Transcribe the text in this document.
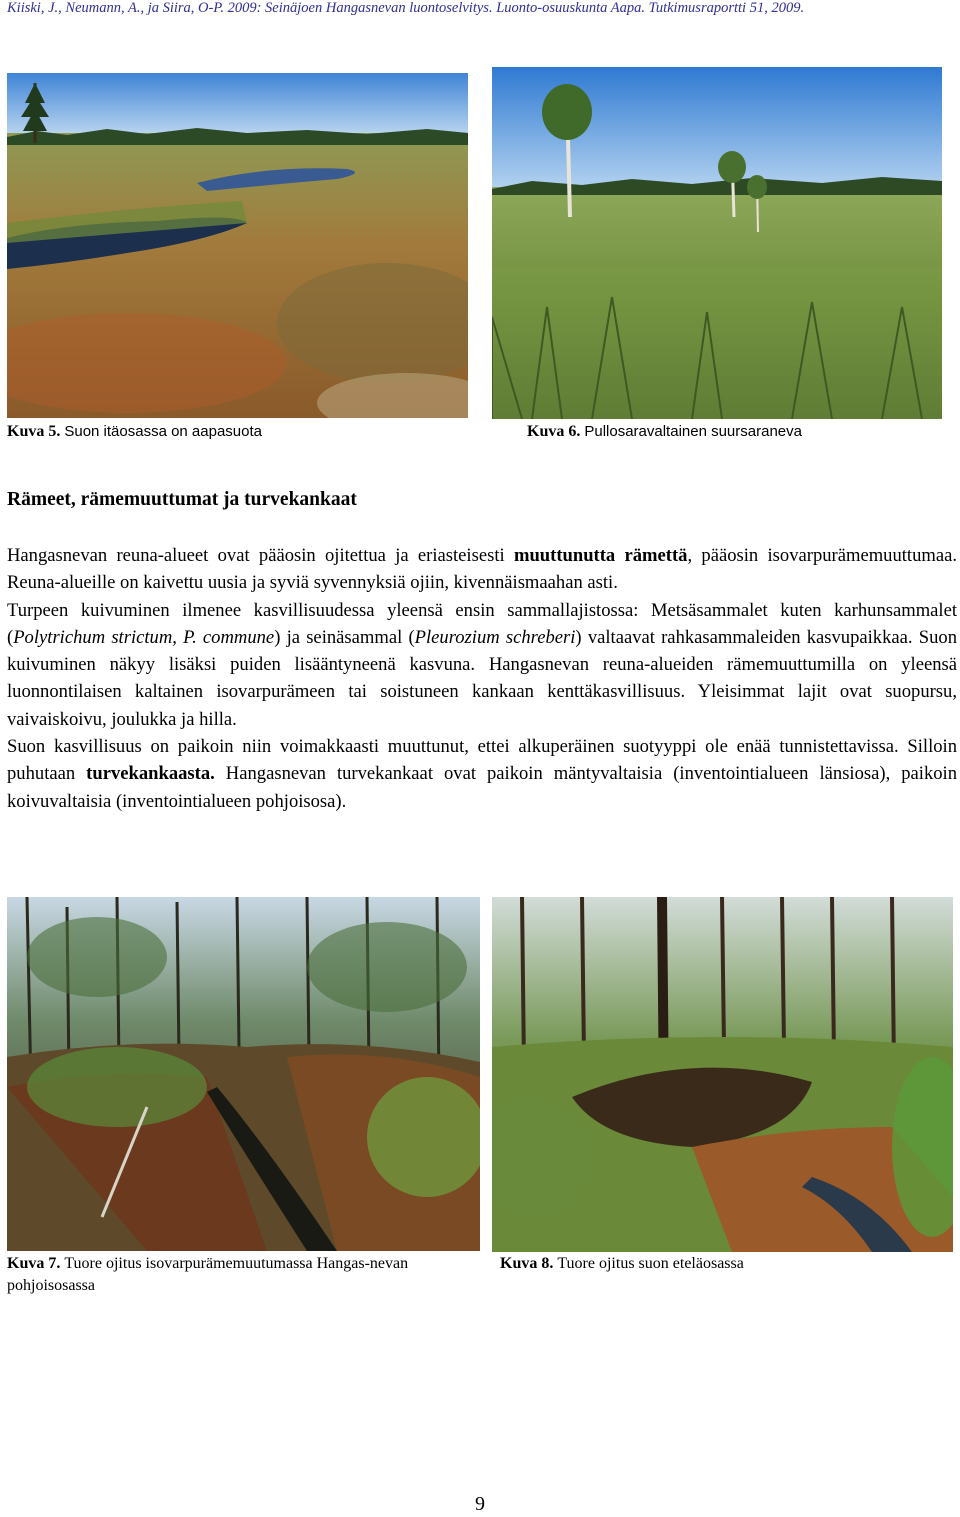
Kiiski, J., Neumann, A., ja Siira, O-P. 2009: Seinäjoen Hangasnevan luontoselvitys. Luonto-osuuskunta Aapa. Tutkimusraportti 51, 2009.
Kuva 5. Suon itäosassa on aapasuota	Kuva 6. Pullosaravaltainen suursaraneva
Rämeet, rämemuuttumat ja turvekankaat

Hangasnevan reuna-alueet ovat pääosin ojitettua ja eriasteisesti muuttunutta rämettä, pääosin isovarpurämemuuttumaa. Reuna-alueille on kaivettu uusia ja syviä syvennyksiä ojiin, kivennäismaahan asti.

Turpeen kuivuminen ilmenee kasvillisuudessa yleensä ensin sammallajistossa: Metsäsammalet kuten karhunsammalet (Polytrichum strictum, P. commune) ja seinäsammal (Pleurozium schreberi) valtaavat rahkasammaleiden kasvupaikkaa. Suon kuivuminen näkyy lisäksi puiden lisääntyneenä kasvuna. Hangasnevan reuna-alueiden rämemuuttumilla on yleensä luonnontilaisen kaltainen isovarpurämeen tai soistuneen kankaan kenttäkasvillisuus. Yleisimmat lajit ovat suopursu, vaivaiskoivu, joulukka ja hilla.

Suon kasvillisuus on paikoin niin voimakkaasti muuttunut, ettei alkuperäinen suotyyppi ole enää tunnistettavissa. Silloin puhutaan turvekankaasta. Hangasnevan turvekankaat ovat paikoin mäntyvaltaisia (inventointialueen länsiosa), paikoin koivuvaltaisia (inventointialueen pohjoisosa).

Kuva 7. Tuore ojitus isovarpurämemuutumassa Hangas-nevan pohjoisosassa
Kuva 8. Tuore ojitus suon eteläosassa
9
